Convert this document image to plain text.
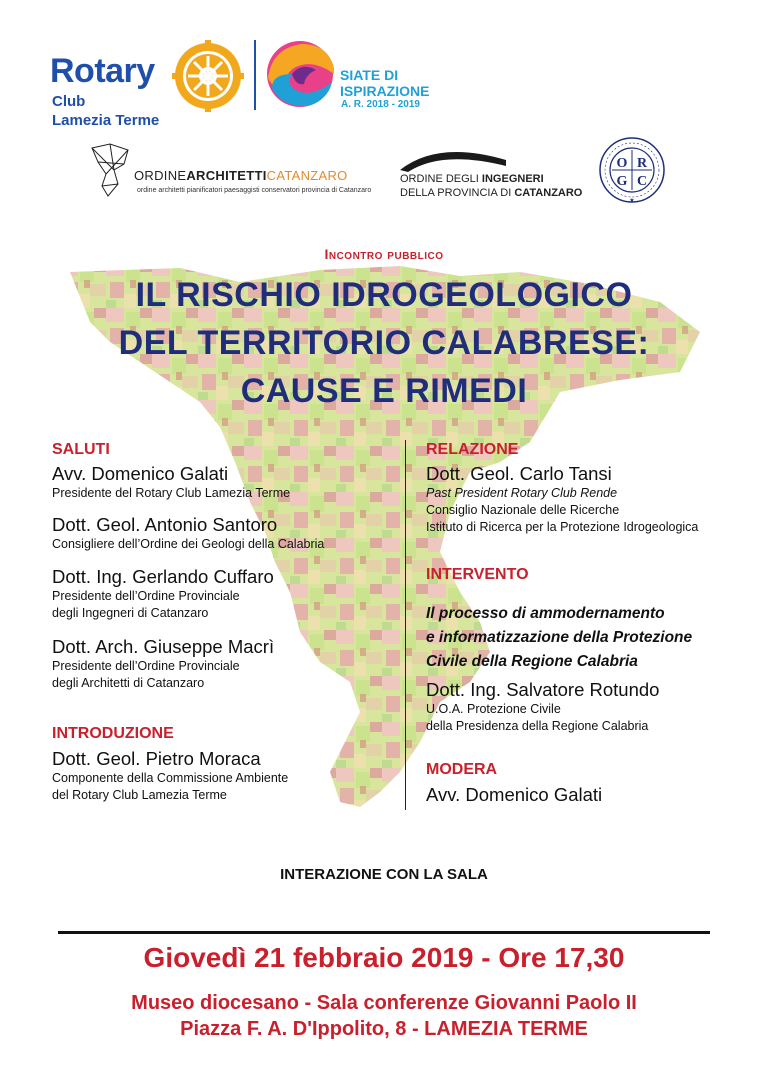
Rotary
Club
Lamezia Terme
SIATE DI
ISPIRAZIONE
A. R. 2018 - 2019
ORDINEARCHITETTICATANZARO
ordine architetti pianificatori paesaggisti conservatori provincia di Catanzaro
ORDINE DEGLI INGEGNERI
DELLA PROVINCIA DI CATANZARO
O R
G C
★
Incontro pubblico
IL RISCHIO IDROGEOLOGICO
DEL TERRITORIO CALABRESE:
CAUSE E RIMEDI
SALUTI
Avv. Domenico Galati
Presidente del Rotary Club Lamezia Terme
Dott. Geol. Antonio Santoro
Consigliere dell’Ordine dei Geologi della Calabria
Dott. Ing. Gerlando Cuffaro
Presidente dell’Ordine Provinciale
degli Ingegneri di Catanzaro
Dott. Arch. Giuseppe Macrì
Presidente dell’Ordine Provinciale
degli Architetti di Catanzaro
INTRODUZIONE
Dott. Geol. Pietro Moraca
Componente della Commissione Ambiente
del Rotary Club Lamezia Terme
RELAZIONE
Dott. Geol. Carlo Tansi
Past President Rotary Club Rende
Consiglio Nazionale delle Ricerche
Istituto di Ricerca per la Protezione Idrogeologica
INTERVENTO
Il processo di ammodernamento
e informatizzazione della Protezione
Civile della Regione Calabria
Dott. Ing. Salvatore Rotundo
U.O.A. Protezione Civile
della Presidenza della Regione Calabria
MODERA
Avv. Domenico Galati
INTERAZIONE CON LA SALA
Giovedì 21 febbraio 2019 - Ore 17,30
Museo diocesano - Sala conferenze Giovanni Paolo II
Piazza F. A. D'Ippolito, 8 - LAMEZIA TERME
